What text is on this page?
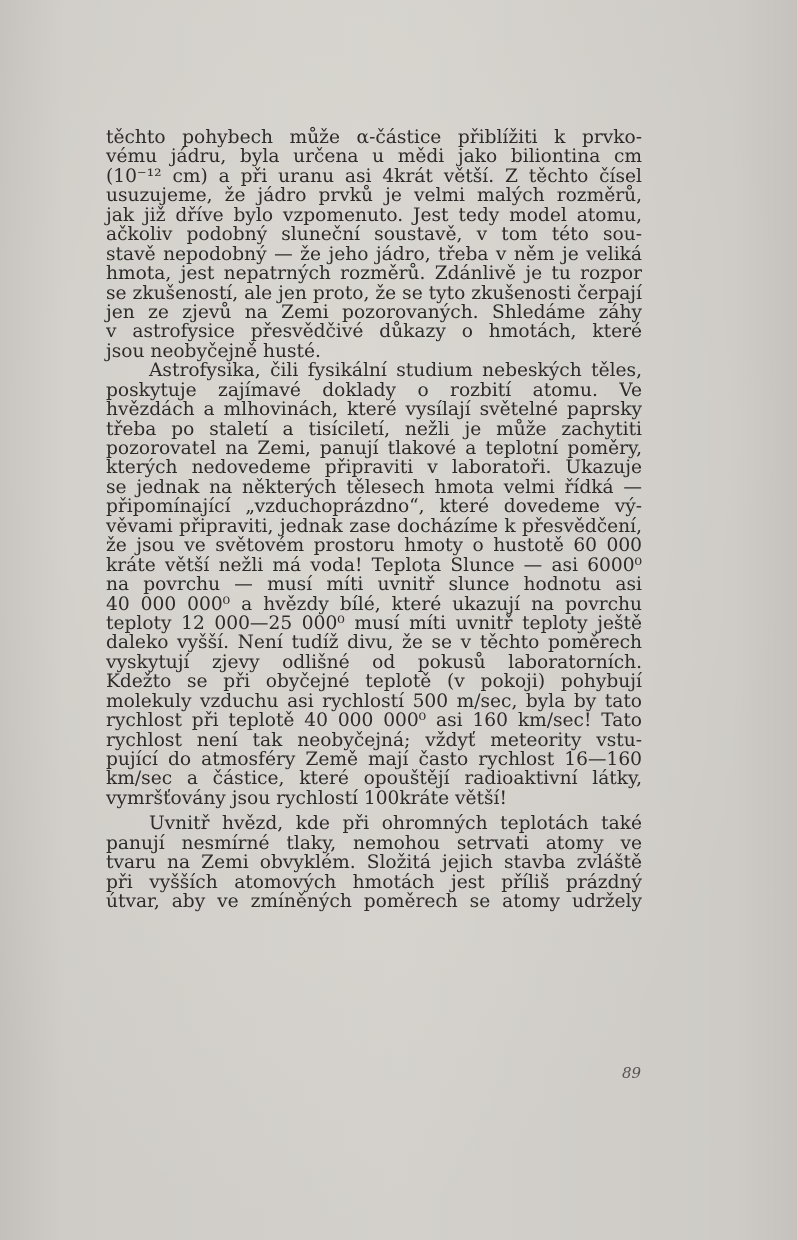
těchto pohybech může α-částice přiblížiti k prvko-
vému jádru, byla určena u mědi jako biliontina cm
(10⁻¹² cm) a při uranu asi 4krát větší. Z těchto čísel
usuzujeme, že jádro prvků je velmi malých rozměrů,
jak již dříve bylo vzpomenuto. Jest tedy model atomu,
ačkoliv podobný sluneční soustavě, v tom této sou-
stavě nepodobný — že jeho jádro, třeba v něm je veliká
hmota, jest nepatrných rozměrů. Zdánlivě je tu rozpor
se zkušeností, ale jen proto, že se tyto zkušenosti čerpají
jen ze zjevů na Zemi pozorovaných. Shledáme záhy
v astrofysice přesvědčivé důkazy o hmotách, které
jsou neobyčejně husté.

Astrofysika, čili fysikální studium nebeských těles,
poskytuje zajímavé doklady o rozbití atomu. Ve
hvězdách a mlhovinách, které vysílají světelné paprsky
třeba po staletí a tisíciletí, nežli je může zachytiti
pozorovatel na Zemi, panují tlakové a teplotní poměry,
kterých nedovedeme připraviti v laboratoři. Ukazuje
se jednak na některých tělesech hmota velmi řídká —
připomínající „vzduchoprázdno“, které dovedeme vý-
věvami připraviti, jednak zase docházíme k přesvědčení,
že jsou ve světovém prostoru hmoty o hustotě 60 000
kráte větší nežli má voda! Teplota Slunce — asi 6000⁰
na povrchu — musí míti uvnitř slunce hodnotu asi
40 000 000⁰ a hvězdy bílé, které ukazují na povrchu
teploty 12 000—25 000⁰ musí míti uvnitř teploty ještě
daleko vyšší. Není tudíž divu, že se v těchto poměrech
vyskytují zjevy odlišné od pokusů laboratorních.
Kdežto se při obyčejné teplotě (v pokoji) pohybují
molekuly vzduchu asi rychlostí 500 m/sec, byla by tato
rychlost při teplotě 40 000 000⁰ asi 160 km/sec! Tato
rychlost není tak neobyčejná; vždyť meteority vstu-
pující do atmosféry Země mají často rychlost 16—160
km/sec a částice, které opouštějí radioaktivní látky,
vymršťovány jsou rychlostí 100kráte větší!

Uvnitř hvězd, kde při ohromných teplotách také
panují nesmírné tlaky, nemohou setrvati atomy ve
tvaru na Zemi obvyklém. Složitá jejich stavba zvláště
při vyšších atomových hmotách jest příliš prázdný
útvar, aby ve zmíněných poměrech se atomy udržely

89
